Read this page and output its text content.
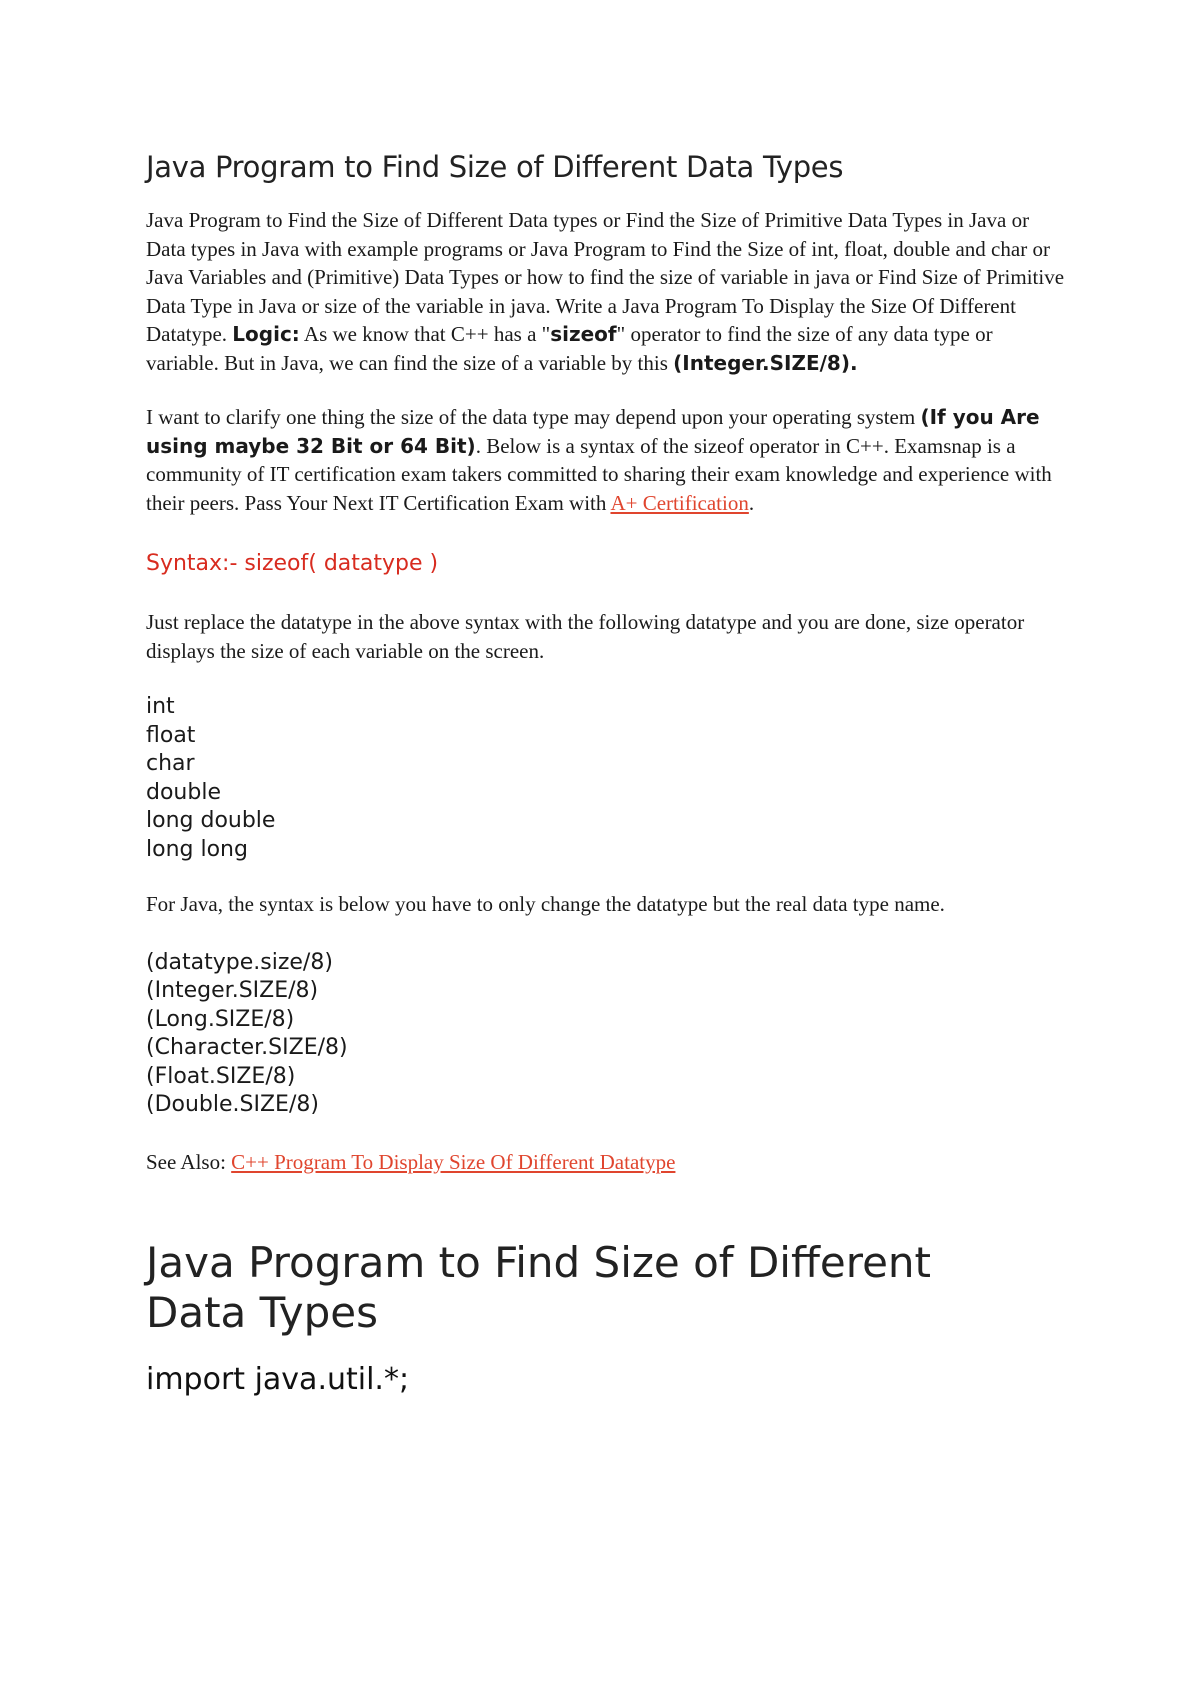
Java Program to Find Size of Different Data Types

Java Program to Find the Size of Different Data types or Find the Size of Primitive Data Types in Java or Data types in Java with example programs or Java Program to Find the Size of int, float, double and char or Java Variables and (Primitive) Data Types or how to find the size of variable in java or Find Size of Primitive Data Type in Java or size of the variable in java. Write a Java Program To Display the Size Of Different Datatype. Logic: As we know that C++ has a "sizeof" operator to find the size of any data type or variable. But in Java, we can find the size of a variable by this (Integer.SIZE/8).

I want to clarify one thing the size of the data type may depend upon your operating system (If you Are using maybe 32 Bit or 64 Bit). Below is a syntax of the sizeof operator in C++. Examsnap is a community of IT certification exam takers committed to sharing their exam knowledge and experience with their peers. Pass Your Next IT Certification Exam with A+ Certification.

Syntax:- sizeof( datatype )

Just replace the datatype in the above syntax with the following datatype and you are done, size operator displays the size of each variable on the screen.

int
float
char
double
long double
long long

For Java, the syntax is below you have to only change the datatype but the real data type name.

(datatype.size/8)
(Integer.SIZE/8)
(Long.SIZE/8)
(Character.SIZE/8)
(Float.SIZE/8)
(Double.SIZE/8)

See Also: C++ Program To Display Size Of Different Datatype

Java Program to Find Size of Different Data Types
import java.util.*;
